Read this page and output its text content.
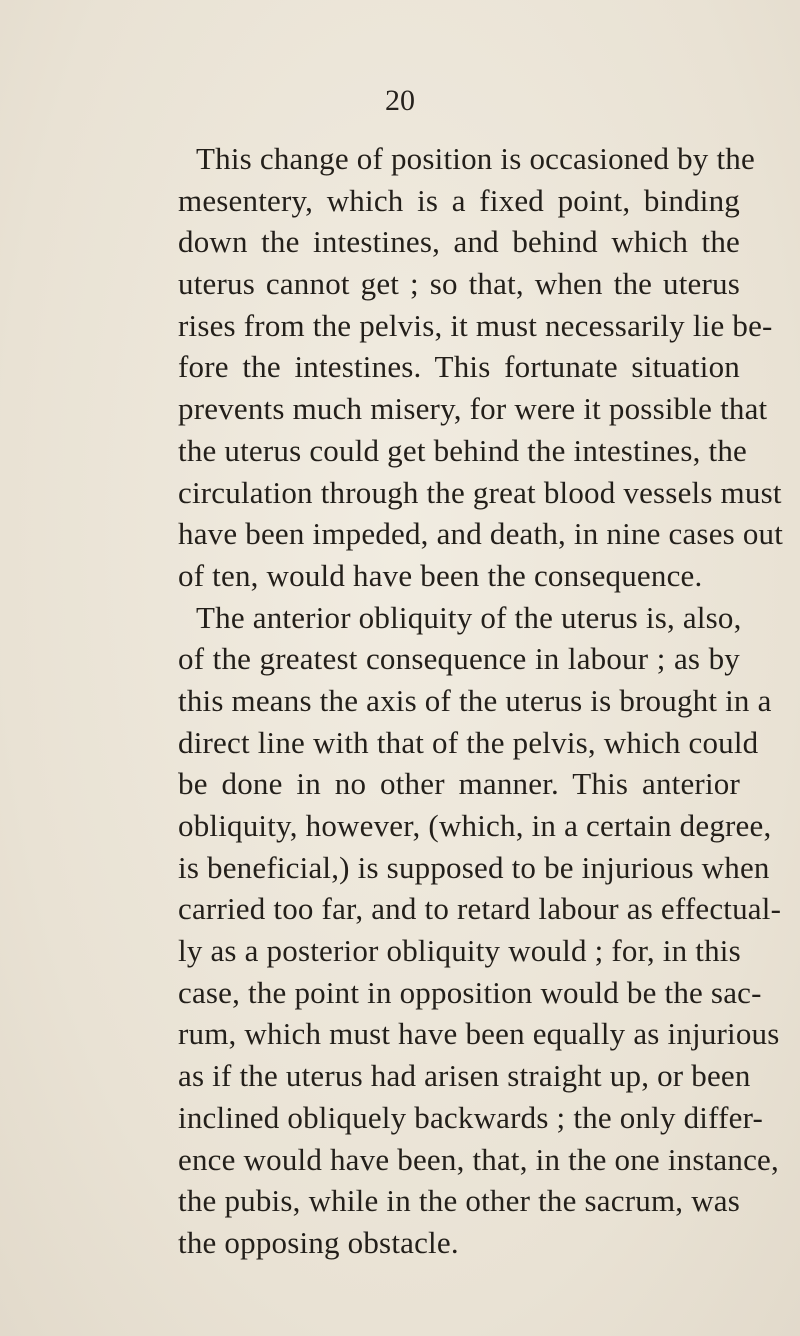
20
This change of position is occasioned by the
mesentery, which is a fixed point, binding
down the intestines, and behind which the
uterus cannot get ; so that, when the uterus
rises from the pelvis, it must necessarily lie be-
fore the intestines. This fortunate situation
prevents much misery, for were it possible that
the uterus could get behind the intestines, the
circulation through the great blood vessels must
have been impeded, and death, in nine cases out
of ten, would have been the consequence.
The anterior obliquity of the uterus is, also,
of the greatest consequence in labour ; as by
this means the axis of the uterus is brought in a
direct line with that of the pelvis, which could
be done in no other manner. This anterior
obliquity, however, (which, in a certain degree,
is beneficial,) is supposed to be injurious when
carried too far, and to retard labour as effectual-
ly as a posterior obliquity would ; for, in this
case, the point in opposition would be the sac-
rum, which must have been equally as injurious
as if the uterus had arisen straight up, or been
inclined obliquely backwards ; the only differ-
ence would have been, that, in the one instance,
the pubis, while in the other the sacrum, was
the opposing obstacle.
